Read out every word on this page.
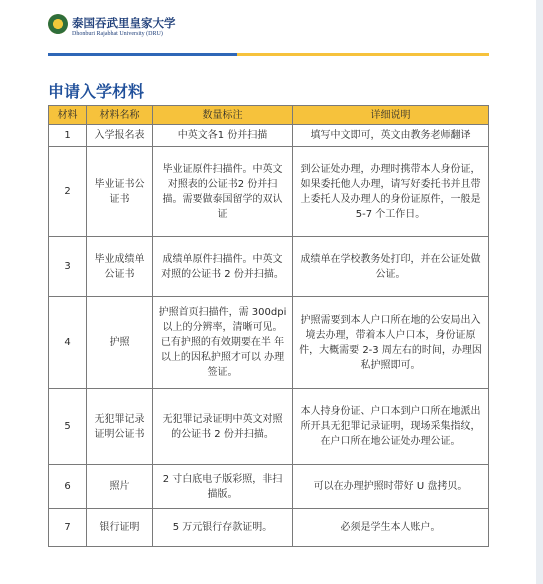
泰国吞武里皇家大学
Dhonburi Rajabhat University (DRU)
申请入学材料
材料	材料名称	数量标注	详细说明
1	入学报名表	中英文各1 份并扫描	填写中文即可，英文由教务老师翻译
2	毕业证书公证书	毕业证原件扫描件。中英文对照表的公证书2 份并扫描。需要做泰国留学的双认证	到公证处办理，办理时携带本人身份证，如果委托他人办理，请写好委托书并且带上委托人及办理人的身份证原件，一般是 5-7 个工作日。
3	毕业成绩单公证书	成绩单原件扫描件。中英文对照的公证书 2 份并扫描。	成绩单在学校教务处打印，并在公证处做公证。
4	护照	护照首页扫描件，需 300dpi 以上的分辨率，清晰可见。已有护照的有效期要在半 年以上的因私护照才可以 办理签证。	护照需要到本人户口所在地的公安局出入境去办理，带着本人户口本，身份证原件，大概需要 2-3 周左右的时间，办理因私护照即可。
5	无犯罪记录证明公证书	无犯罪记录证明中英文对照的公证书 2 份并扫描。	本人持身份证、户口本到户口所在地派出所开具无犯罪记录证明，现场采集指纹，在户口所在地公证处办理公证。
6	照片	2 寸白底电子版彩照，非扫描版。	可以在办理护照时带好 U 盘拷贝。
7	银行证明	5 万元银行存款证明。	必须是学生本人账户。
